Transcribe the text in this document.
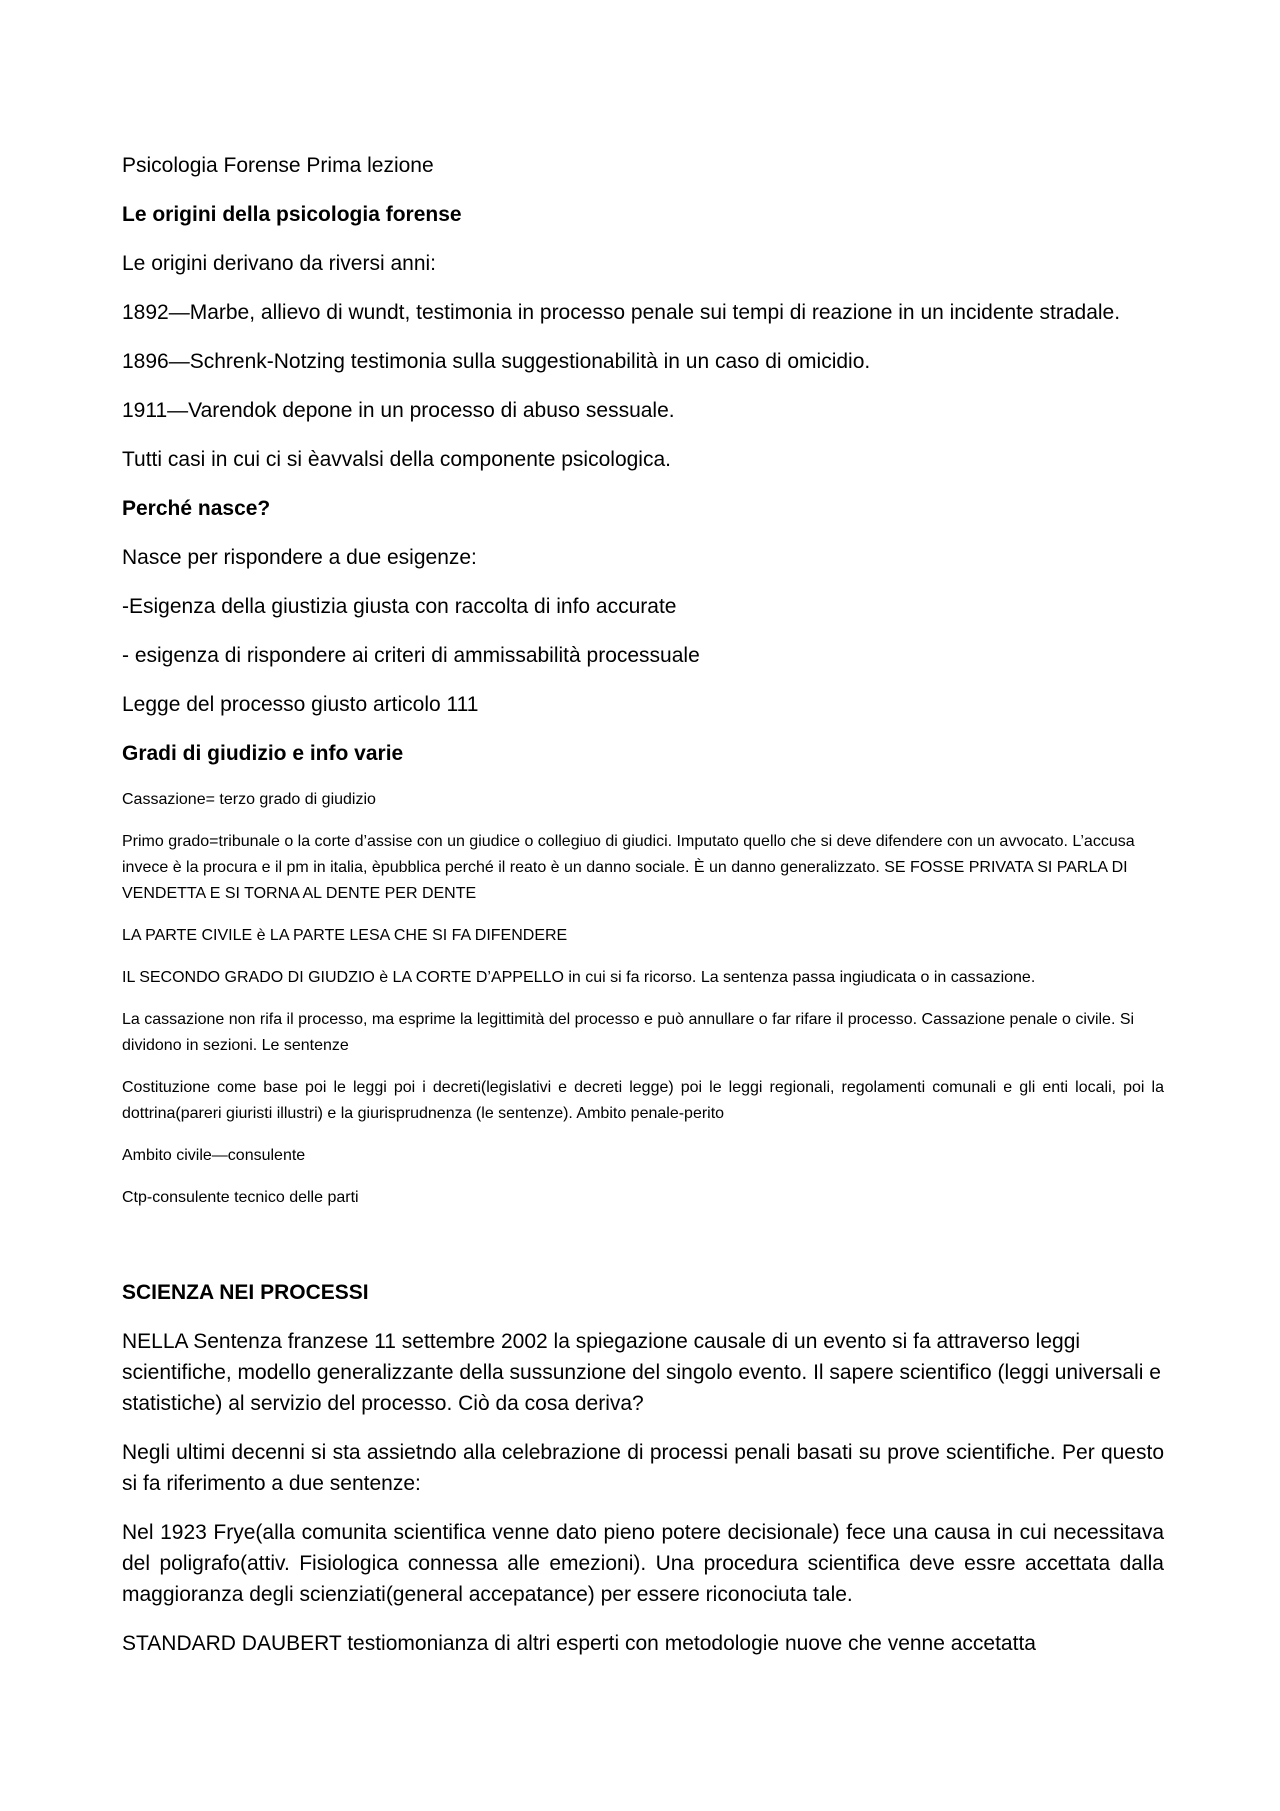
Psicologia Forense Prima lezione

Le origini della psicologia forense

Le origini derivano da riversi anni:

1892—Marbe, allievo di wundt, testimonia in processo penale sui tempi di reazione in un incidente stradale.

1896—Schrenk-Notzing testimonia sulla suggestionabilità in un caso di omicidio.

1911—Varendok depone in un processo di abuso sessuale.

Tutti casi in cui ci si èavvalsi della componente psicologica.

Perché nasce?

Nasce per rispondere a due esigenze:

-Esigenza della giustizia giusta con raccolta di info accurate

- esigenza di rispondere ai criteri di ammissabilità processuale

Legge del processo giusto articolo 111

Gradi di giudizio e info varie

Cassazione= terzo grado di giudizio

Primo grado=tribunale o la corte d’assise con un giudice o collegiuo di giudici. Imputato quello che si deve difendere con un avvocato. L’accusa invece è la procura e il pm in italia, èpubblica perché il reato è un danno sociale. È un danno generalizzato. SE FOSSE PRIVATA SI PARLA DI VENDETTA E SI TORNA AL DENTE PER DENTE

LA PARTE CIVILE è LA PARTE LESA CHE SI FA DIFENDERE

IL SECONDO GRADO DI GIUDZIO è LA CORTE D’APPELLO in cui si fa ricorso. La sentenza passa ingiudicata o in cassazione.

La cassazione non rifa il processo, ma esprime la legittimità del processo e può annullare o far rifare il processo. Cassazione penale o civile. Si dividono in sezioni. Le sentenze

Costituzione come base poi le leggi poi i decreti(legislativi e decreti legge) poi le leggi regionali, regolamenti comunali e gli enti locali, poi la dottrina(pareri giuristi illustri) e la giurisprudnenza (le sentenze). Ambito penale-perito

Ambito civile—consulente

Ctp-consulente tecnico delle parti

SCIENZA NEI PROCESSI

NELLA Sentenza franzese 11 settembre 2002 la spiegazione causale di un evento si fa attraverso leggi scientifiche, modello generalizzante della sussunzione del singolo evento. Il sapere scientifico (leggi universali e statistiche) al servizio del processo. Ciò da cosa deriva?

Negli ultimi decenni si sta assietndo alla celebrazione di processi penali basati su prove scientifiche. Per questo si fa riferimento a due sentenze:

Nel 1923 Frye(alla comunita scientifica venne dato pieno potere decisionale) fece una causa in cui necessitava del poligrafo(attiv. Fisiologica connessa alle emezioni). Una procedura scientifica deve essre accettata dalla maggioranza degli scienziati(general accepatance) per essere riconociuta tale.

STANDARD DAUBERT testiomonianza di altri esperti con metodologie nuove che venne accetatta
